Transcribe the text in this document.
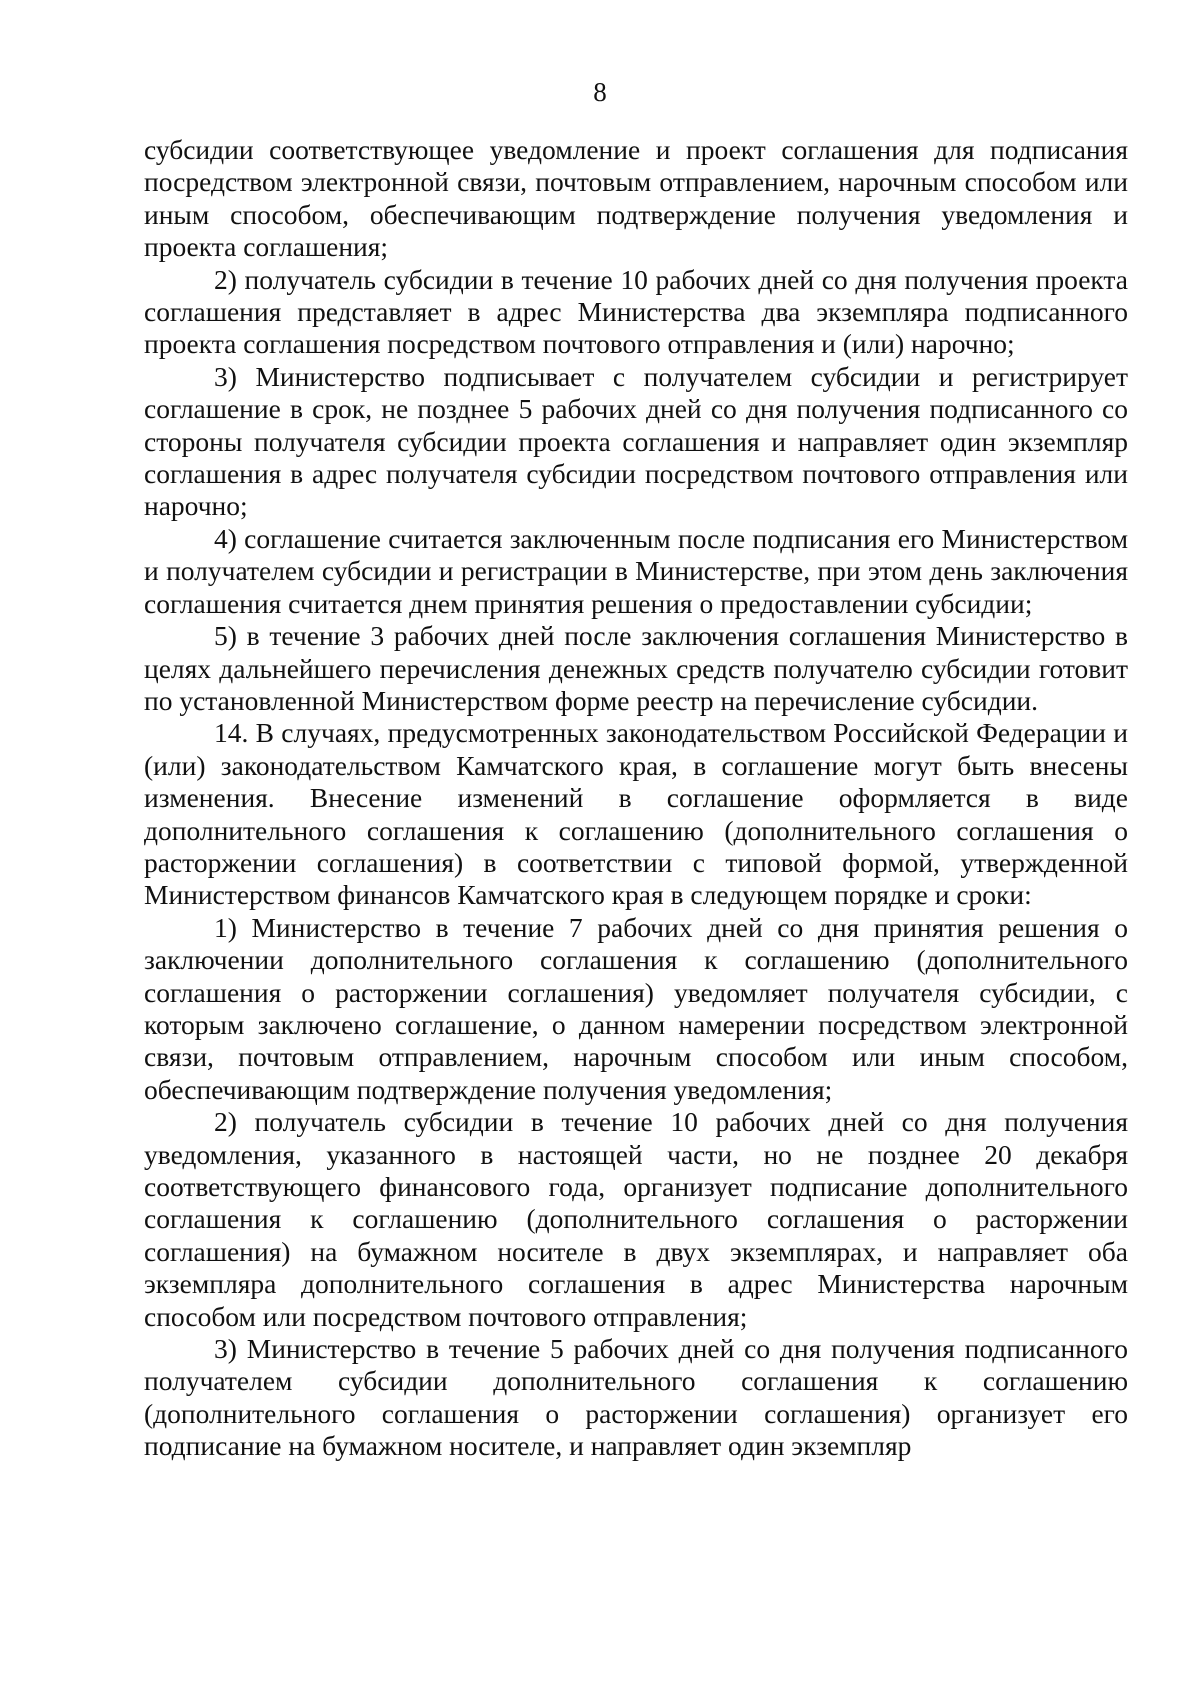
8

субсидии соответствующее уведомление и проект соглашения для подписания посредством электронной связи, почтовым отправлением, нарочным способом или иным способом, обеспечивающим подтверждение получения уведомления и проекта соглашения;

2) получатель субсидии в течение 10 рабочих дней со дня получения проекта соглашения представляет в адрес Министерства два экземпляра подписанного проекта соглашения посредством почтового отправления и (или) нарочно;

3) Министерство подписывает с получателем субсидии и регистрирует соглашение в срок, не позднее 5 рабочих дней со дня получения подписанного со стороны получателя субсидии проекта соглашения и направляет один экземпляр соглашения в адрес получателя субсидии посредством почтового отправления или нарочно;

4) соглашение считается заключенным после подписания его Министерством и получателем субсидии и регистрации в Министерстве, при этом день заключения соглашения считается днем принятия решения о предоставлении субсидии;

5) в течение 3 рабочих дней после заключения соглашения Министерство в целях дальнейшего перечисления денежных средств получателю субсидии готовит по установленной Министерством форме реестр на перечисление субсидии.

14. В случаях, предусмотренных законодательством Российской Федерации и (или) законодательством Камчатского края, в соглашение могут быть внесены изменения. Внесение изменений в соглашение оформляется в виде дополнительного соглашения к соглашению (дополнительного соглашения о расторжении соглашения) в соответствии с типовой формой, утвержденной Министерством финансов Камчатского края в следующем порядке и сроки:

1) Министерство в течение 7 рабочих дней со дня принятия решения о заключении дополнительного соглашения к соглашению (дополнительного соглашения о расторжении соглашения) уведомляет получателя субсидии, с которым заключено соглашение, о данном намерении посредством электронной связи, почтовым отправлением, нарочным способом или иным способом, обеспечивающим подтверждение получения уведомления;

2) получатель субсидии в течение 10 рабочих дней со дня получения уведомления, указанного в настоящей части, но не позднее 20 декабря соответствующего финансового года, организует подписание дополнительного соглашения к соглашению (дополнительного соглашения о расторжении соглашения) на бумажном носителе в двух экземплярах, и направляет оба экземпляра дополнительного соглашения в адрес Министерства нарочным способом или посредством почтового отправления;

3) Министерство в течение 5 рабочих дней со дня получения подписанного получателем субсидии дополнительного соглашения к соглашению (дополнительного соглашения о расторжении соглашения) организует его подписание на бумажном носителе, и направляет один экземпляр
